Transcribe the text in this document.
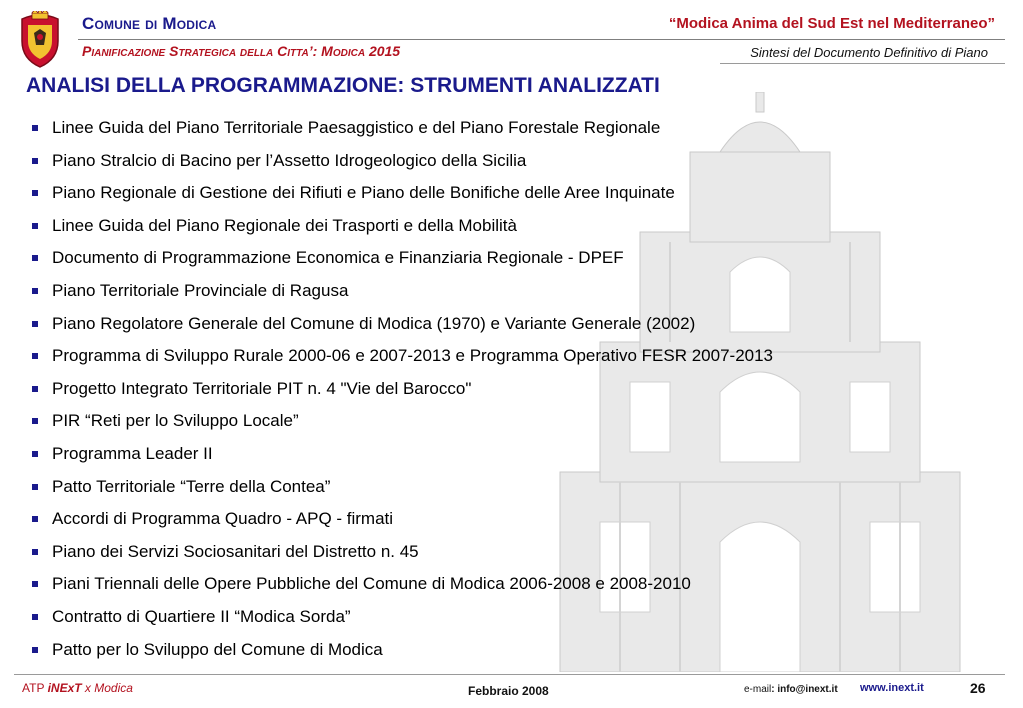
Comune di Modica	“Modica Anima del Sud Est nel Mediterraneo”
Pianificazione Strategica della Citta’: Modica 2015	Sintesi del Documento Definitivo di Piano
ANALISI DELLA PROGRAMMAZIONE: STRUMENTI ANALIZZATI
Linee Guida del Piano Territoriale Paesaggistico e del Piano Forestale Regionale
Piano Stralcio di Bacino per l’Assetto Idrogeologico della Sicilia
Piano Regionale di Gestione dei Rifiuti e Piano delle Bonifiche delle Aree Inquinate
Linee Guida del Piano Regionale dei Trasporti e della Mobilità
Documento di Programmazione Economica e Finanziaria Regionale - DPEF
Piano Territoriale Provinciale di Ragusa
Piano Regolatore Generale del Comune di Modica (1970) e Variante Generale (2002)
Programma di Sviluppo Rurale 2000-06 e 2007-2013 e Programma Operativo FESR 2007-2013
Progetto Integrato Territoriale PIT n. 4 "Vie del Barocco"
PIR “Reti per lo Sviluppo Locale”
Programma Leader II
Patto Territoriale “Terre della Contea”
Accordi di Programma Quadro - APQ - firmati
Piano dei Servizi Sociosanitari del Distretto n. 45
Piani Triennali delle Opere Pubbliche del Comune di Modica 2006-2008 e 2008-2010
Contratto di Quartiere II “Modica Sorda”
Patto per lo Sviluppo del Comune di Modica
ATP iNExT x Modica	Febbraio 2008	e-mail: info@inext.it www.inext.it	26
